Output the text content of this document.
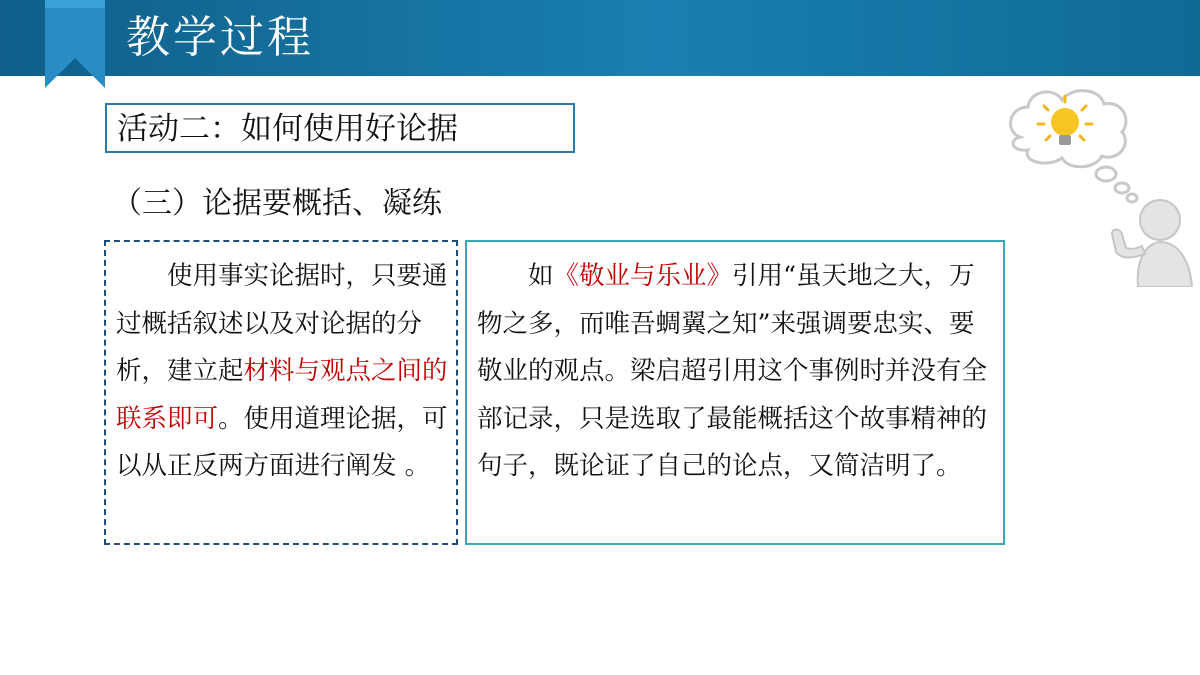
教学过程
活动二：如何使用好论据
（三）论据要概括、凝练
使用事实论据时，只要通过概括叙述以及对论据的分析，建立起材料与观点之间的联系即可。使用道理论据，可以从正反两方面进行阐发 。
如《敬业与乐业》引用“虽天地之大，万物之多，而唯吾蜩翼之知”来强调要忠实、要敬业的观点。梁启超引用这个事例时并没有全部记录，只是选取了最能概括这个故事精神的句子，既论证了自己的论点，又简洁明了。
